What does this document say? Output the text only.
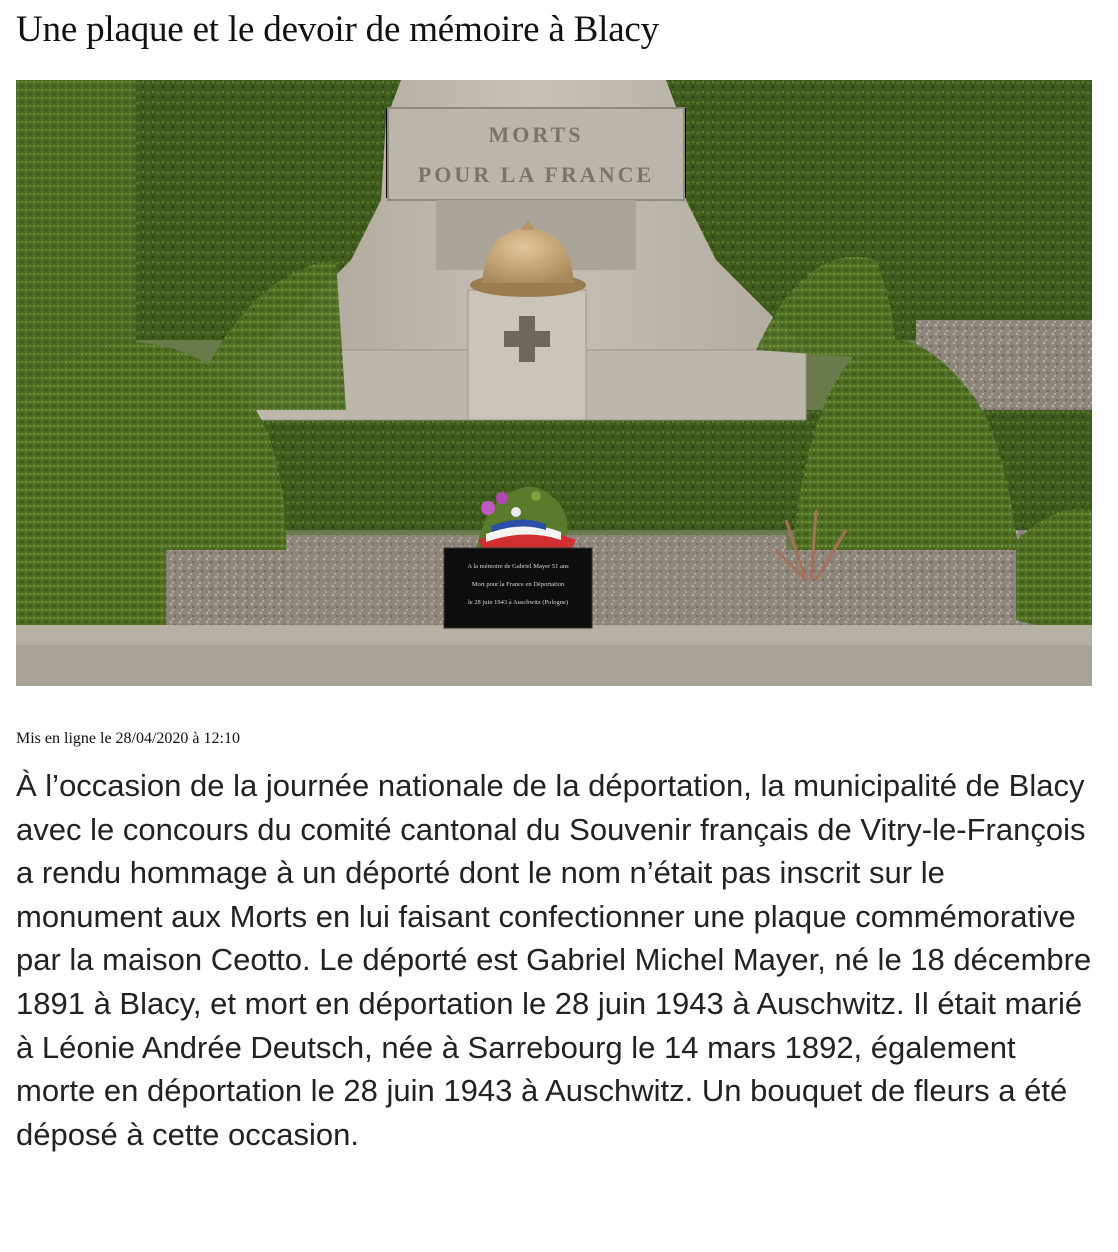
Une plaque et le devoir de mémoire à Blacy
MORTS
POUR LA FRANCE
A la mémoire de Gabriel Mayer 51 ans
Mort pour la France en Déportation
le 28 juin 1943 à Auschwitz (Pologne)
Mis en ligne le 28/04/2020 à 12:10

À l’occasion de la journée nationale de la déportation, la municipalité de Blacy avec le concours du comité cantonal du Souvenir français de Vitry-le-François a rendu hommage à un déporté dont le nom n’était pas inscrit sur le monument aux Morts en lui faisant confectionner une plaque commémorative par la maison Ceotto. Le déporté est Gabriel Michel Mayer, né le 18 décembre 1891 à Blacy, et mort en déportation le 28 juin 1943 à Auschwitz. Il était marié à Léonie Andrée Deutsch, née à Sarrebourg le 14 mars 1892, également morte en déportation le 28 juin 1943 à Auschwitz. Un bouquet de fleurs a été déposé à cette occasion.
